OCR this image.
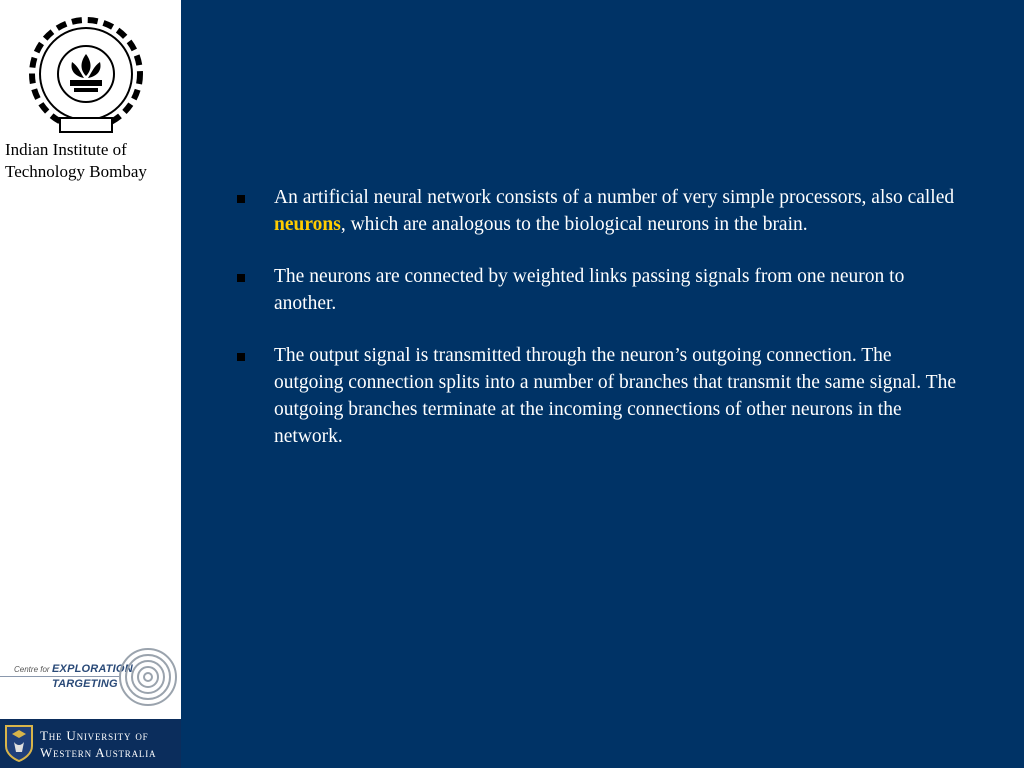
Indian Institute of
Technology Bombay
Centre for EXPLORATION
TARGETING
The University of
Western Australia
An artificial neural network consists of a number of very simple processors, also called neurons, which are analogous to the biological neurons in the brain.
The neurons are connected by weighted links passing signals from one neuron to another.
The output signal is transmitted through the neuron’s outgoing connection. The outgoing connection splits into a number of branches that transmit the same signal. The outgoing branches terminate at the incoming connections of other neurons in the network.
